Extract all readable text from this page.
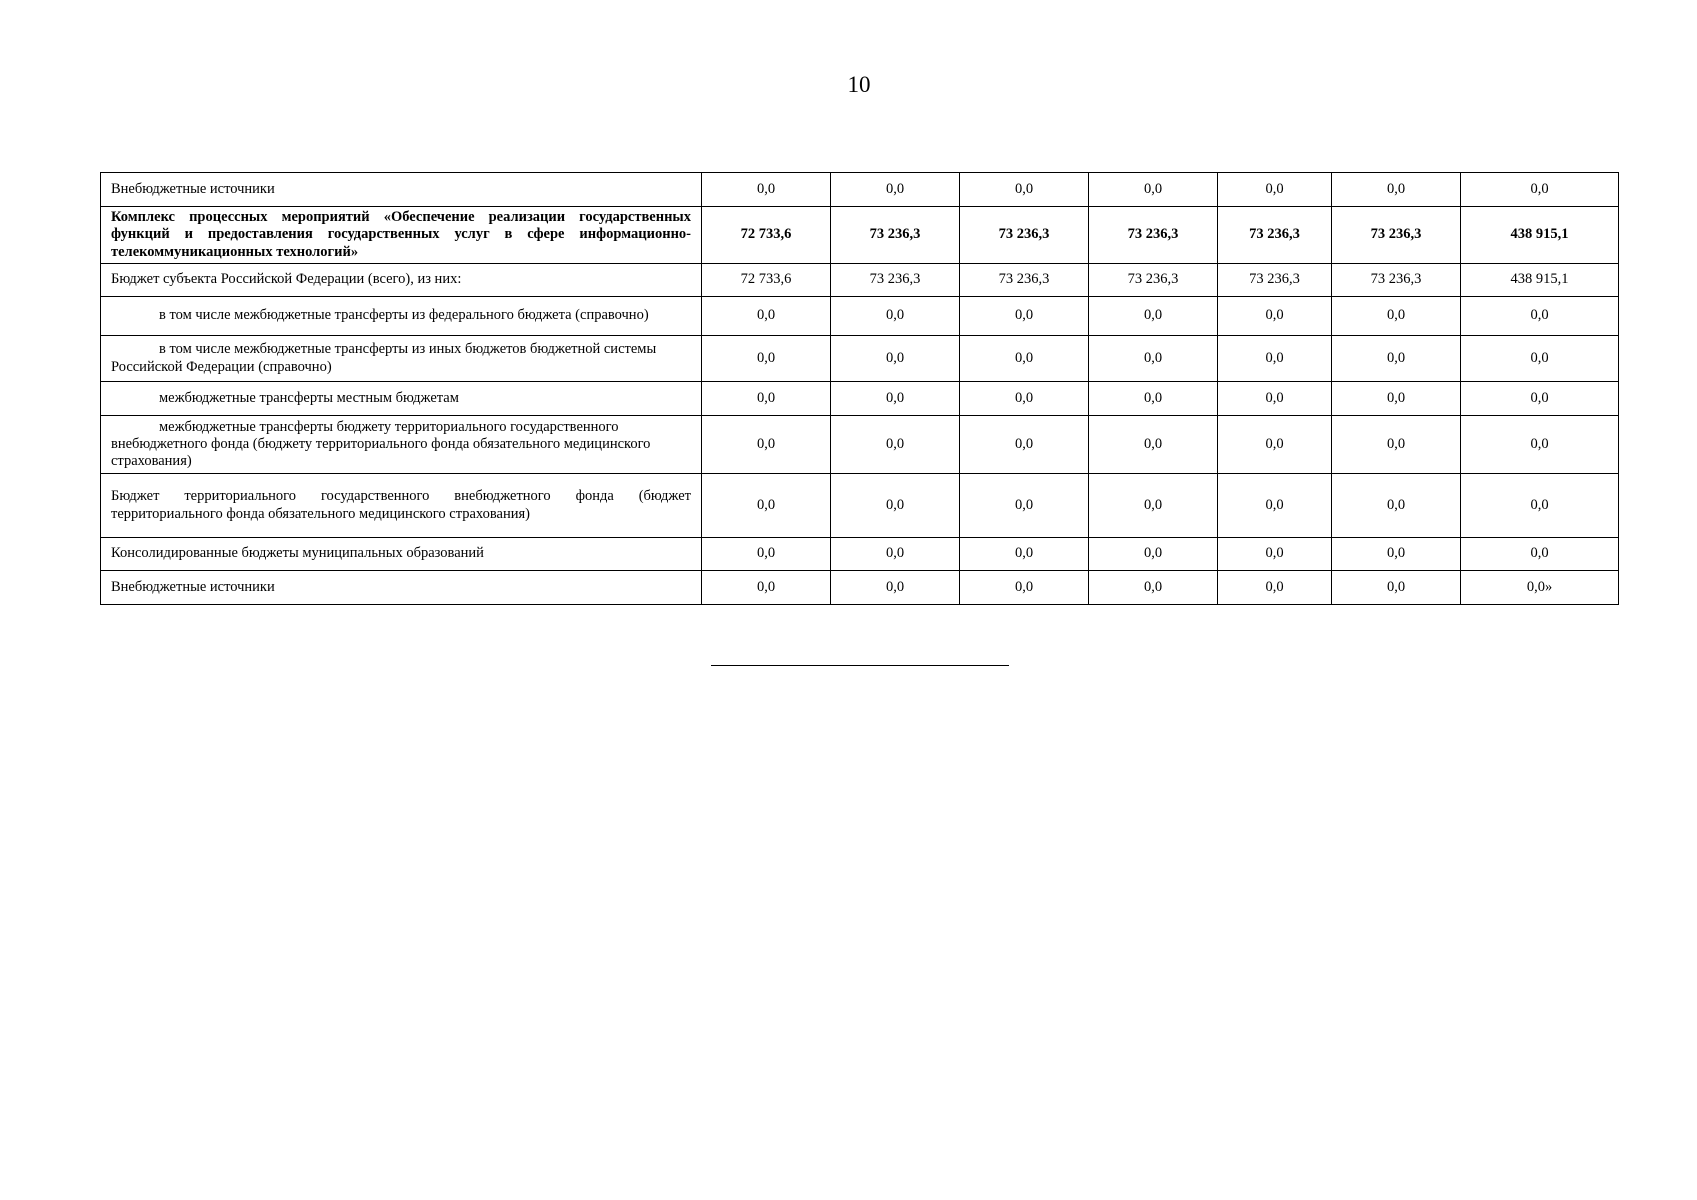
10
Внебюджетные источники	0,0	0,0	0,0	0,0	0,0	0,0	0,0
Комплекс процессных мероприятий «Обеспечение реализации государственных функций и предоставления государственных услуг в сфере информационно-телекоммуникационных технологий»	72 733,6	73 236,3	73 236,3	73 236,3	73 236,3	73 236,3	438 915,1
Бюджет субъекта Российской Федерации (всего), из них:	72 733,6	73 236,3	73 236,3	73 236,3	73 236,3	73 236,3	438 915,1
в том числе межбюджетные трансферты из федерального бюджета (справочно)	0,0	0,0	0,0	0,0	0,0	0,0	0,0
в том числе межбюджетные трансферты из иных бюджетов бюджетной системы Российской Федерации (справочно)	0,0	0,0	0,0	0,0	0,0	0,0	0,0
межбюджетные трансферты местным бюджетам	0,0	0,0	0,0	0,0	0,0	0,0	0,0
межбюджетные трансферты бюджету территориального государственного внебюджетного фонда (бюджету территориального фонда обязательного медицинского страхования)	0,0	0,0	0,0	0,0	0,0	0,0	0,0
Бюджет территориального государственного внебюджетного фонда (бюджет территориального фонда обязательного медицинского страхования)	0,0	0,0	0,0	0,0	0,0	0,0	0,0
Консолидированные бюджеты муниципальных образований	0,0	0,0	0,0	0,0	0,0	0,0	0,0
Внебюджетные источники	0,0	0,0	0,0	0,0	0,0	0,0	0,0»
